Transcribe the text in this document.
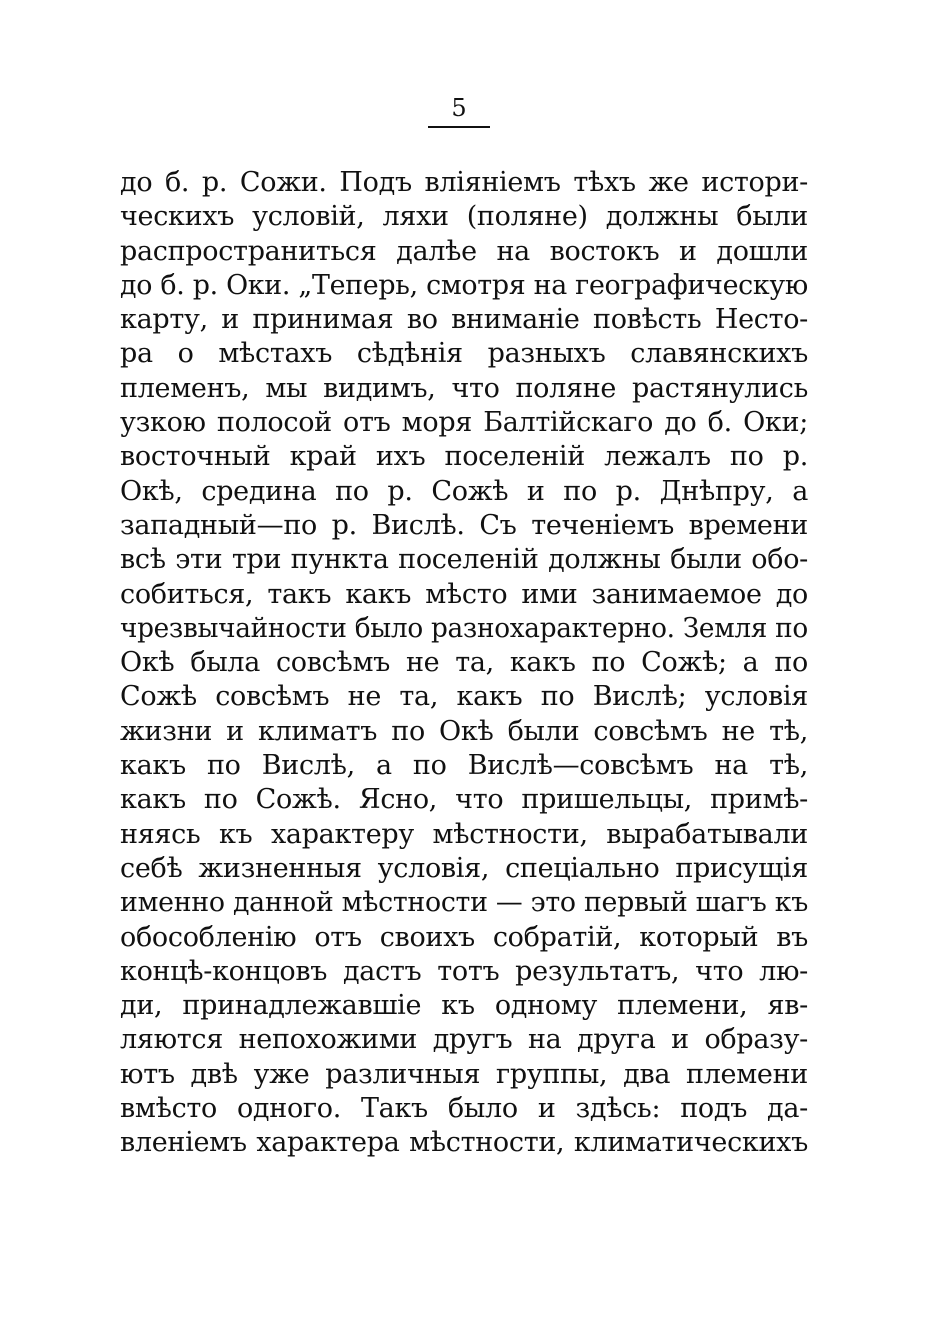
5
до б. р. Сожи. Подъ вліяніемъ тѣхъ же истори-
ческихъ условій, ляхи (поляне) должны были
распространиться далѣе на востокъ и дошли
до б. р. Оки. „Теперь, смотря на географическую
карту, и принимая во вниманіе повѣсть Несто-
ра о мѣстахъ сѣдѣнія разныхъ славянскихъ
племенъ, мы видимъ, что поляне растянулись
узкою полосой отъ моря Балтійскаго до б. Оки;
восточный край ихъ поселеній лежалъ по р.
Окѣ, средина по р. Сожѣ и по р. Днѣпру, а
западный—по р. Вислѣ. Съ теченіемъ времени
всѣ эти три пункта поселеній должны были обо-
собиться, такъ какъ мѣсто ими занимаемое до
чрезвычайности было разнохарактерно. Земля по
Окѣ была совсѣмъ не та, какъ по Сожѣ; а по
Сожѣ совсѣмъ не та, какъ по Вислѣ; условія
жизни и климатъ по Окѣ были совсѣмъ не тѣ,
какъ по Вислѣ, а по Вислѣ—совсѣмъ на тѣ,
какъ по Сожѣ. Ясно, что пришельцы, примѣ-
няясь къ характеру мѣстности, вырабатывали
себѣ жизненныя условія, спеціально присущія
именно данной мѣстности — это первый шагъ къ
обособленію отъ своихъ собратій, который въ
концѣ-концовъ дастъ тотъ результатъ, что лю-
ди, принадлежавшіе къ одному племени, яв-
ляются непохожими другъ на друга и образу-
ютъ двѣ уже различныя группы, два племени
вмѣсто одного. Такъ было и здѣсь: подъ да-
вленіемъ характера мѣстности, климатическихъ
